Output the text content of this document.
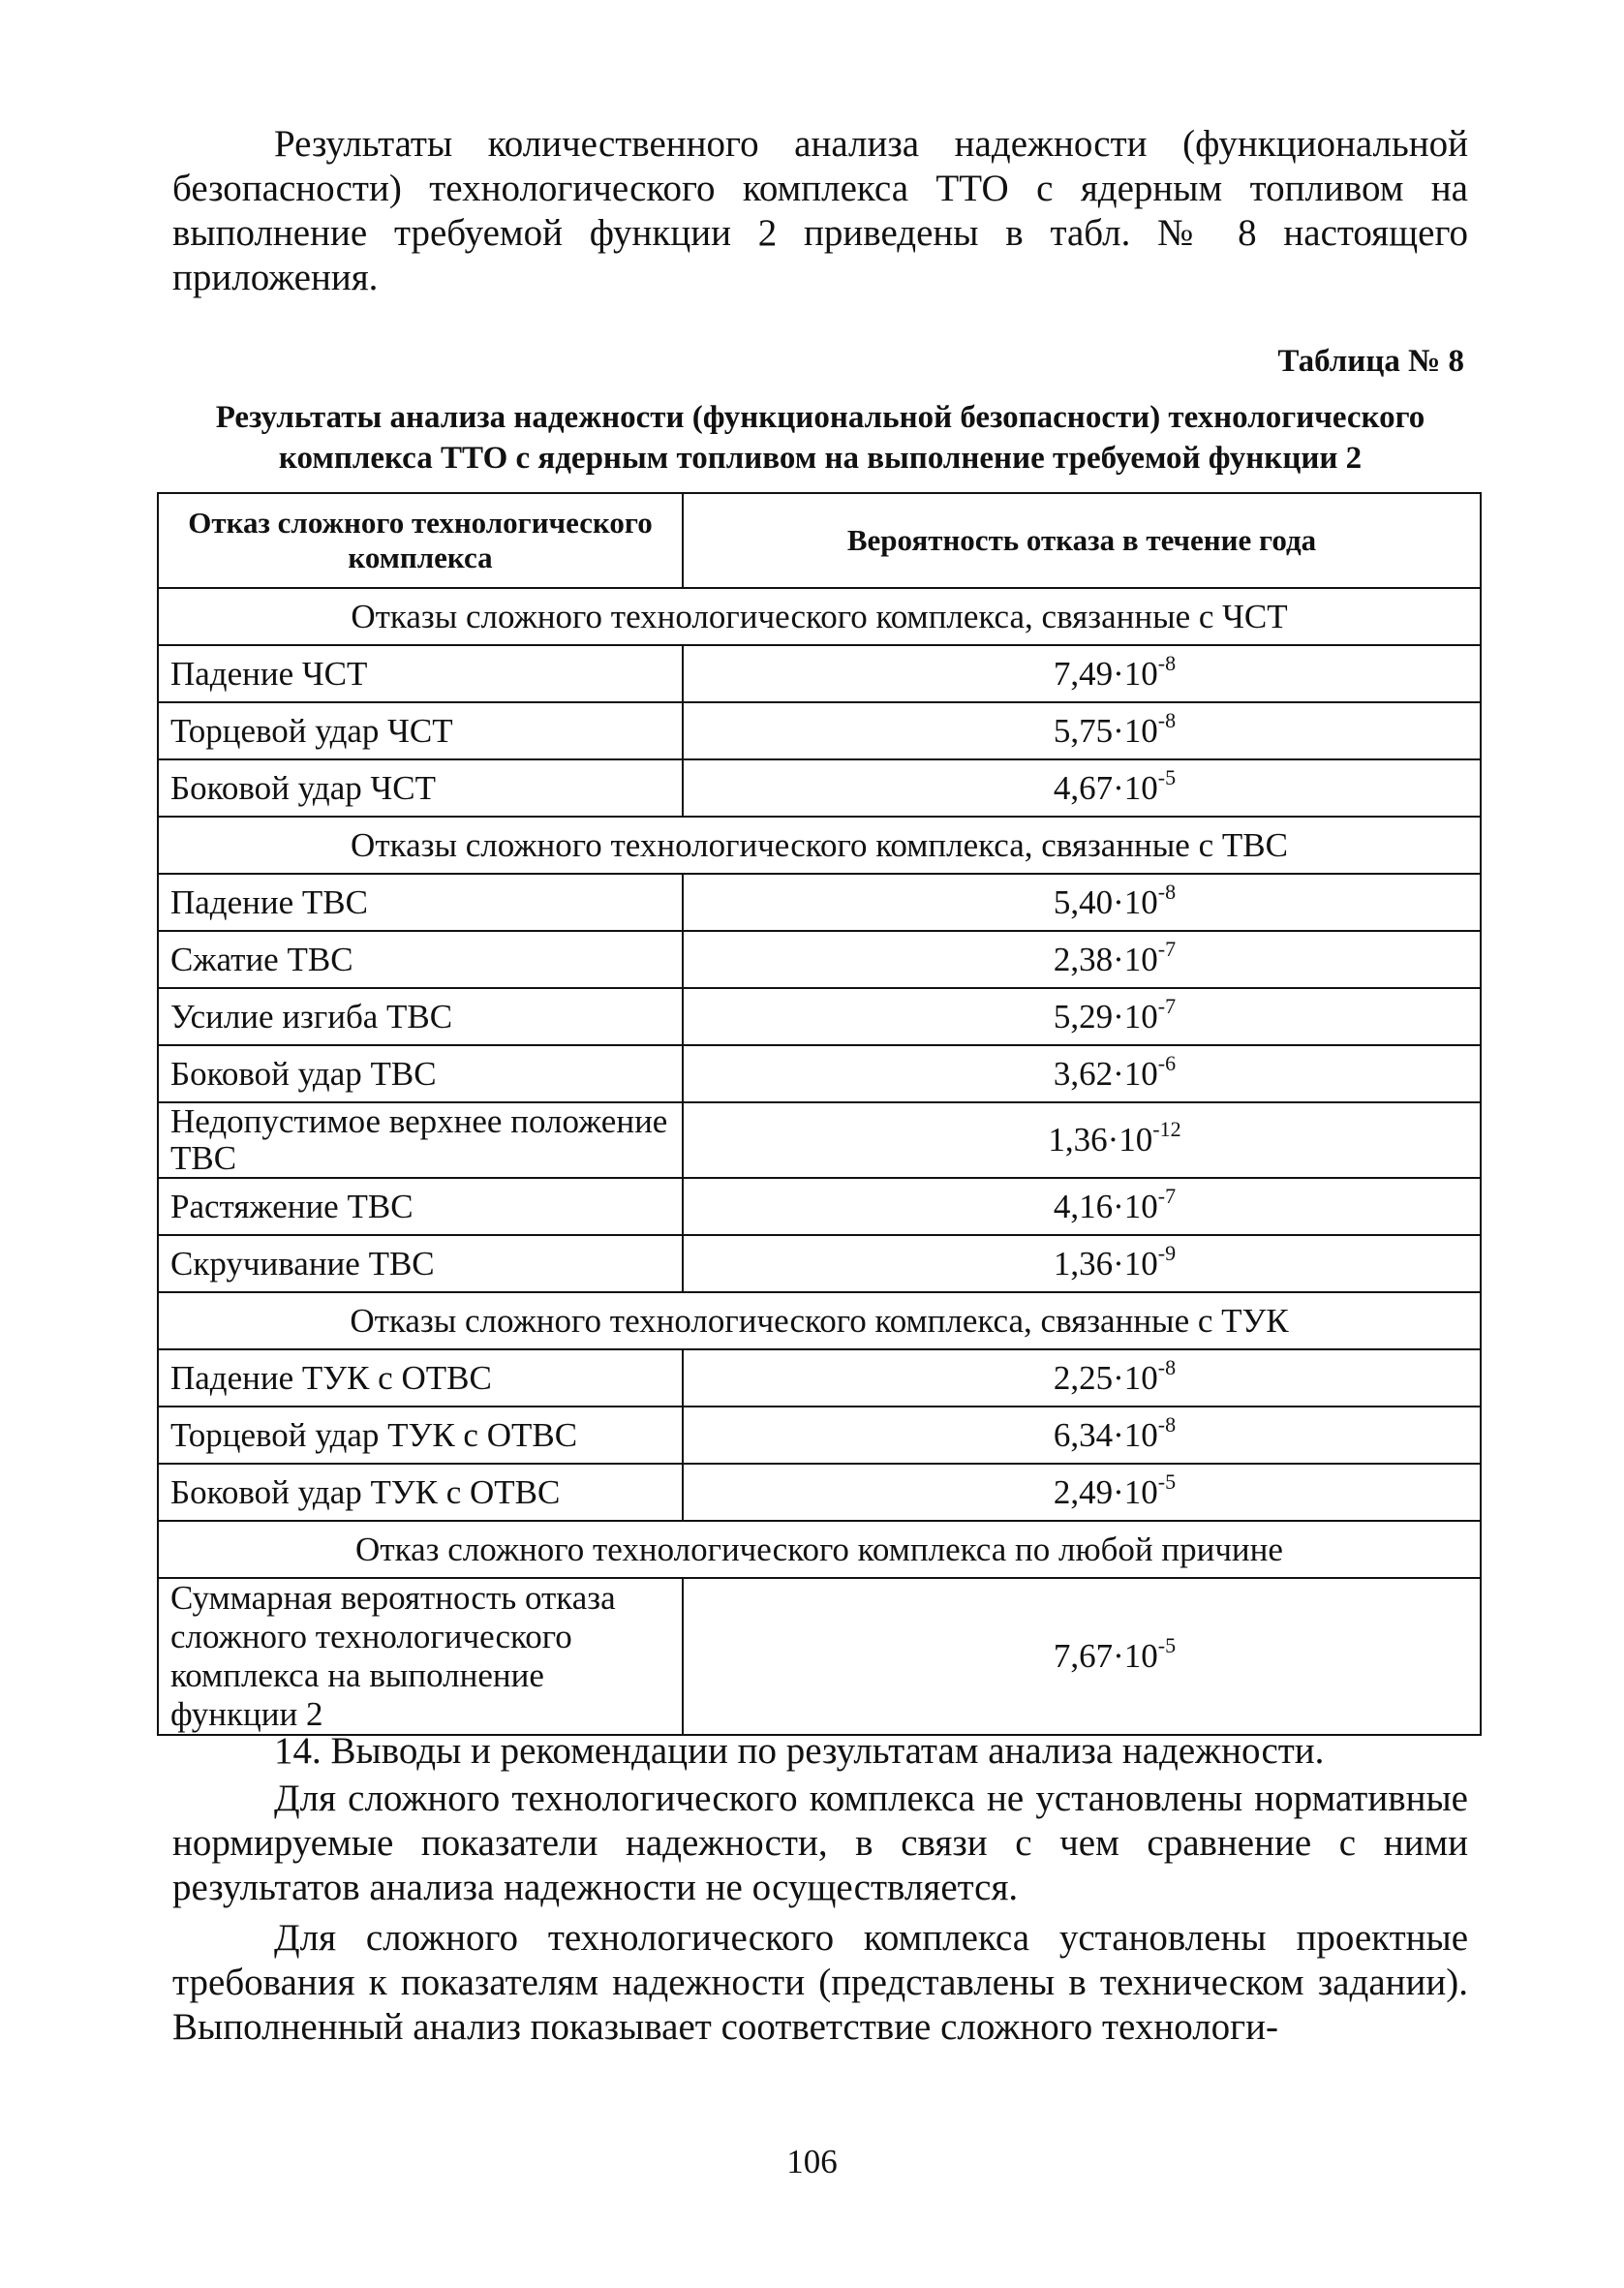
Результаты количественного анализа надежности (функциональной безопасности) технологического комплекса ТТО с ядерным топливом на выполнение требуемой функции 2 приведены в табл. № 8 настоящего приложения.

Таблица № 8

Результаты анализа надежности (функциональной безопасности) технологического комплекса ТТО с ядерным топливом на выполнение требуемой функции 2

Отказ сложного технологического комплекса	Вероятность отказа в течение года
Отказы сложного технологического комплекса, связанные с ЧСТ	
Падение ЧСТ	$7,49\cdot 10^{-8}$
Торцевой удар ЧСТ	$5,75\cdot 10^{-8}$
Боковой удар ЧСТ	$4,67\cdot 10^{-5}$
Отказы сложного технологического комплекса, связанные с ТВС	
Падение ТВС	$5,40\cdot 10^{-8}$
Сжатие ТВС	$2,38\cdot 10^{-7}$
Усилие изгиба ТВС	$5,29\cdot 10^{-7}$
Боковой удар ТВС	$3,62\cdot 10^{-6}$
Недопустимое верхнее положение ТВС	$1,36\cdot 10^{-12}$
Растяжение ТВС	$4,16\cdot 10^{-7}$
Скручивание ТВС	$1,36\cdot 10^{-9}$
Отказы сложного технологического комплекса, связанные с ТУК	
Падение ТУК с ОТВС	$2,25\cdot 10^{-8}$
Торцевой удар ТУК с ОТВС	$6,34\cdot 10^{-8}$
Боковой удар ТУК с ОТВС	$2,49\cdot 10^{-5}$
Отказ сложного технологического комплекса по любой причине	
Суммарная вероятность отказа сложного технологического комплекса на выполнение функции 2	$7,67\cdot 10^{-5}$

14. Выводы и рекомендации по результатам анализа надежности.

Для сложного технологического комплекса не установлены нормативные нормируемые показатели надежности, в связи с чем сравнение с ними результатов анализа надежности не осуществляется.

Для сложного технологического комплекса установлены проектные требования к показателям надежности (представлены в техническом задании). Выполненный анализ показывает соответствие сложного технологи-

106
